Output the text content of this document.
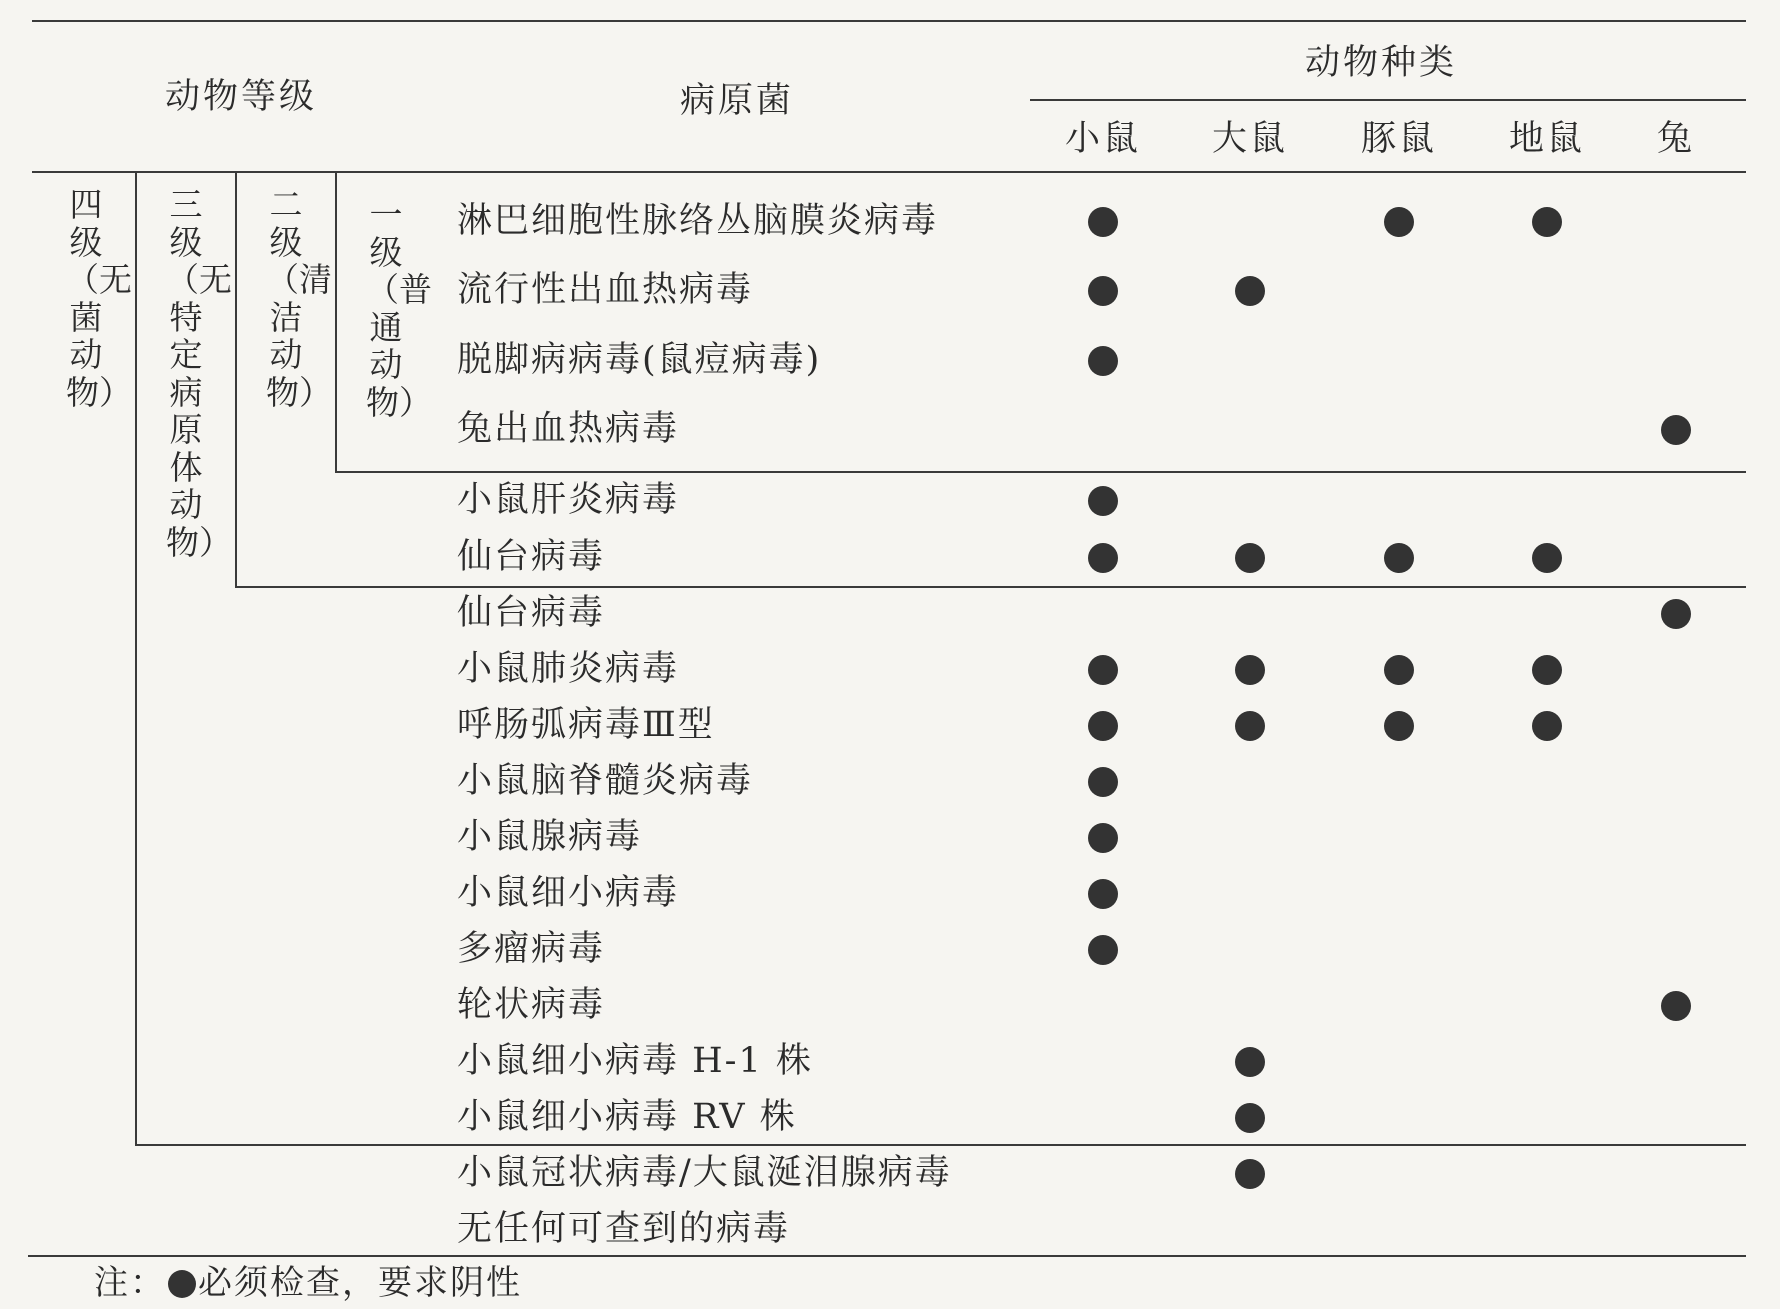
动物等级	病原菌
动物种类
小鼠 大鼠 豚鼠 地鼠 兔
四级（无菌动物）
三级（无特定病原体动物）
二级（清洁动物）
一级（普通动物）
淋巴细胞性脉络丛脑膜炎病毒
流行性出血热病毒
脱脚病病毒(鼠痘病毒)
兔出血热病毒
小鼠肝炎病毒
仙台病毒
仙台病毒
小鼠肺炎病毒
呼肠弧病毒Ⅲ型
小鼠脑脊髓炎病毒
小鼠腺病毒
小鼠细小病毒
多瘤病毒
轮状病毒
小鼠细小病毒 H-1 株
小鼠细小病毒 RV 株
小鼠冠状病毒/大鼠涎泪腺病毒
无任何可查到的病毒
注： 必须检查，要求阴性
